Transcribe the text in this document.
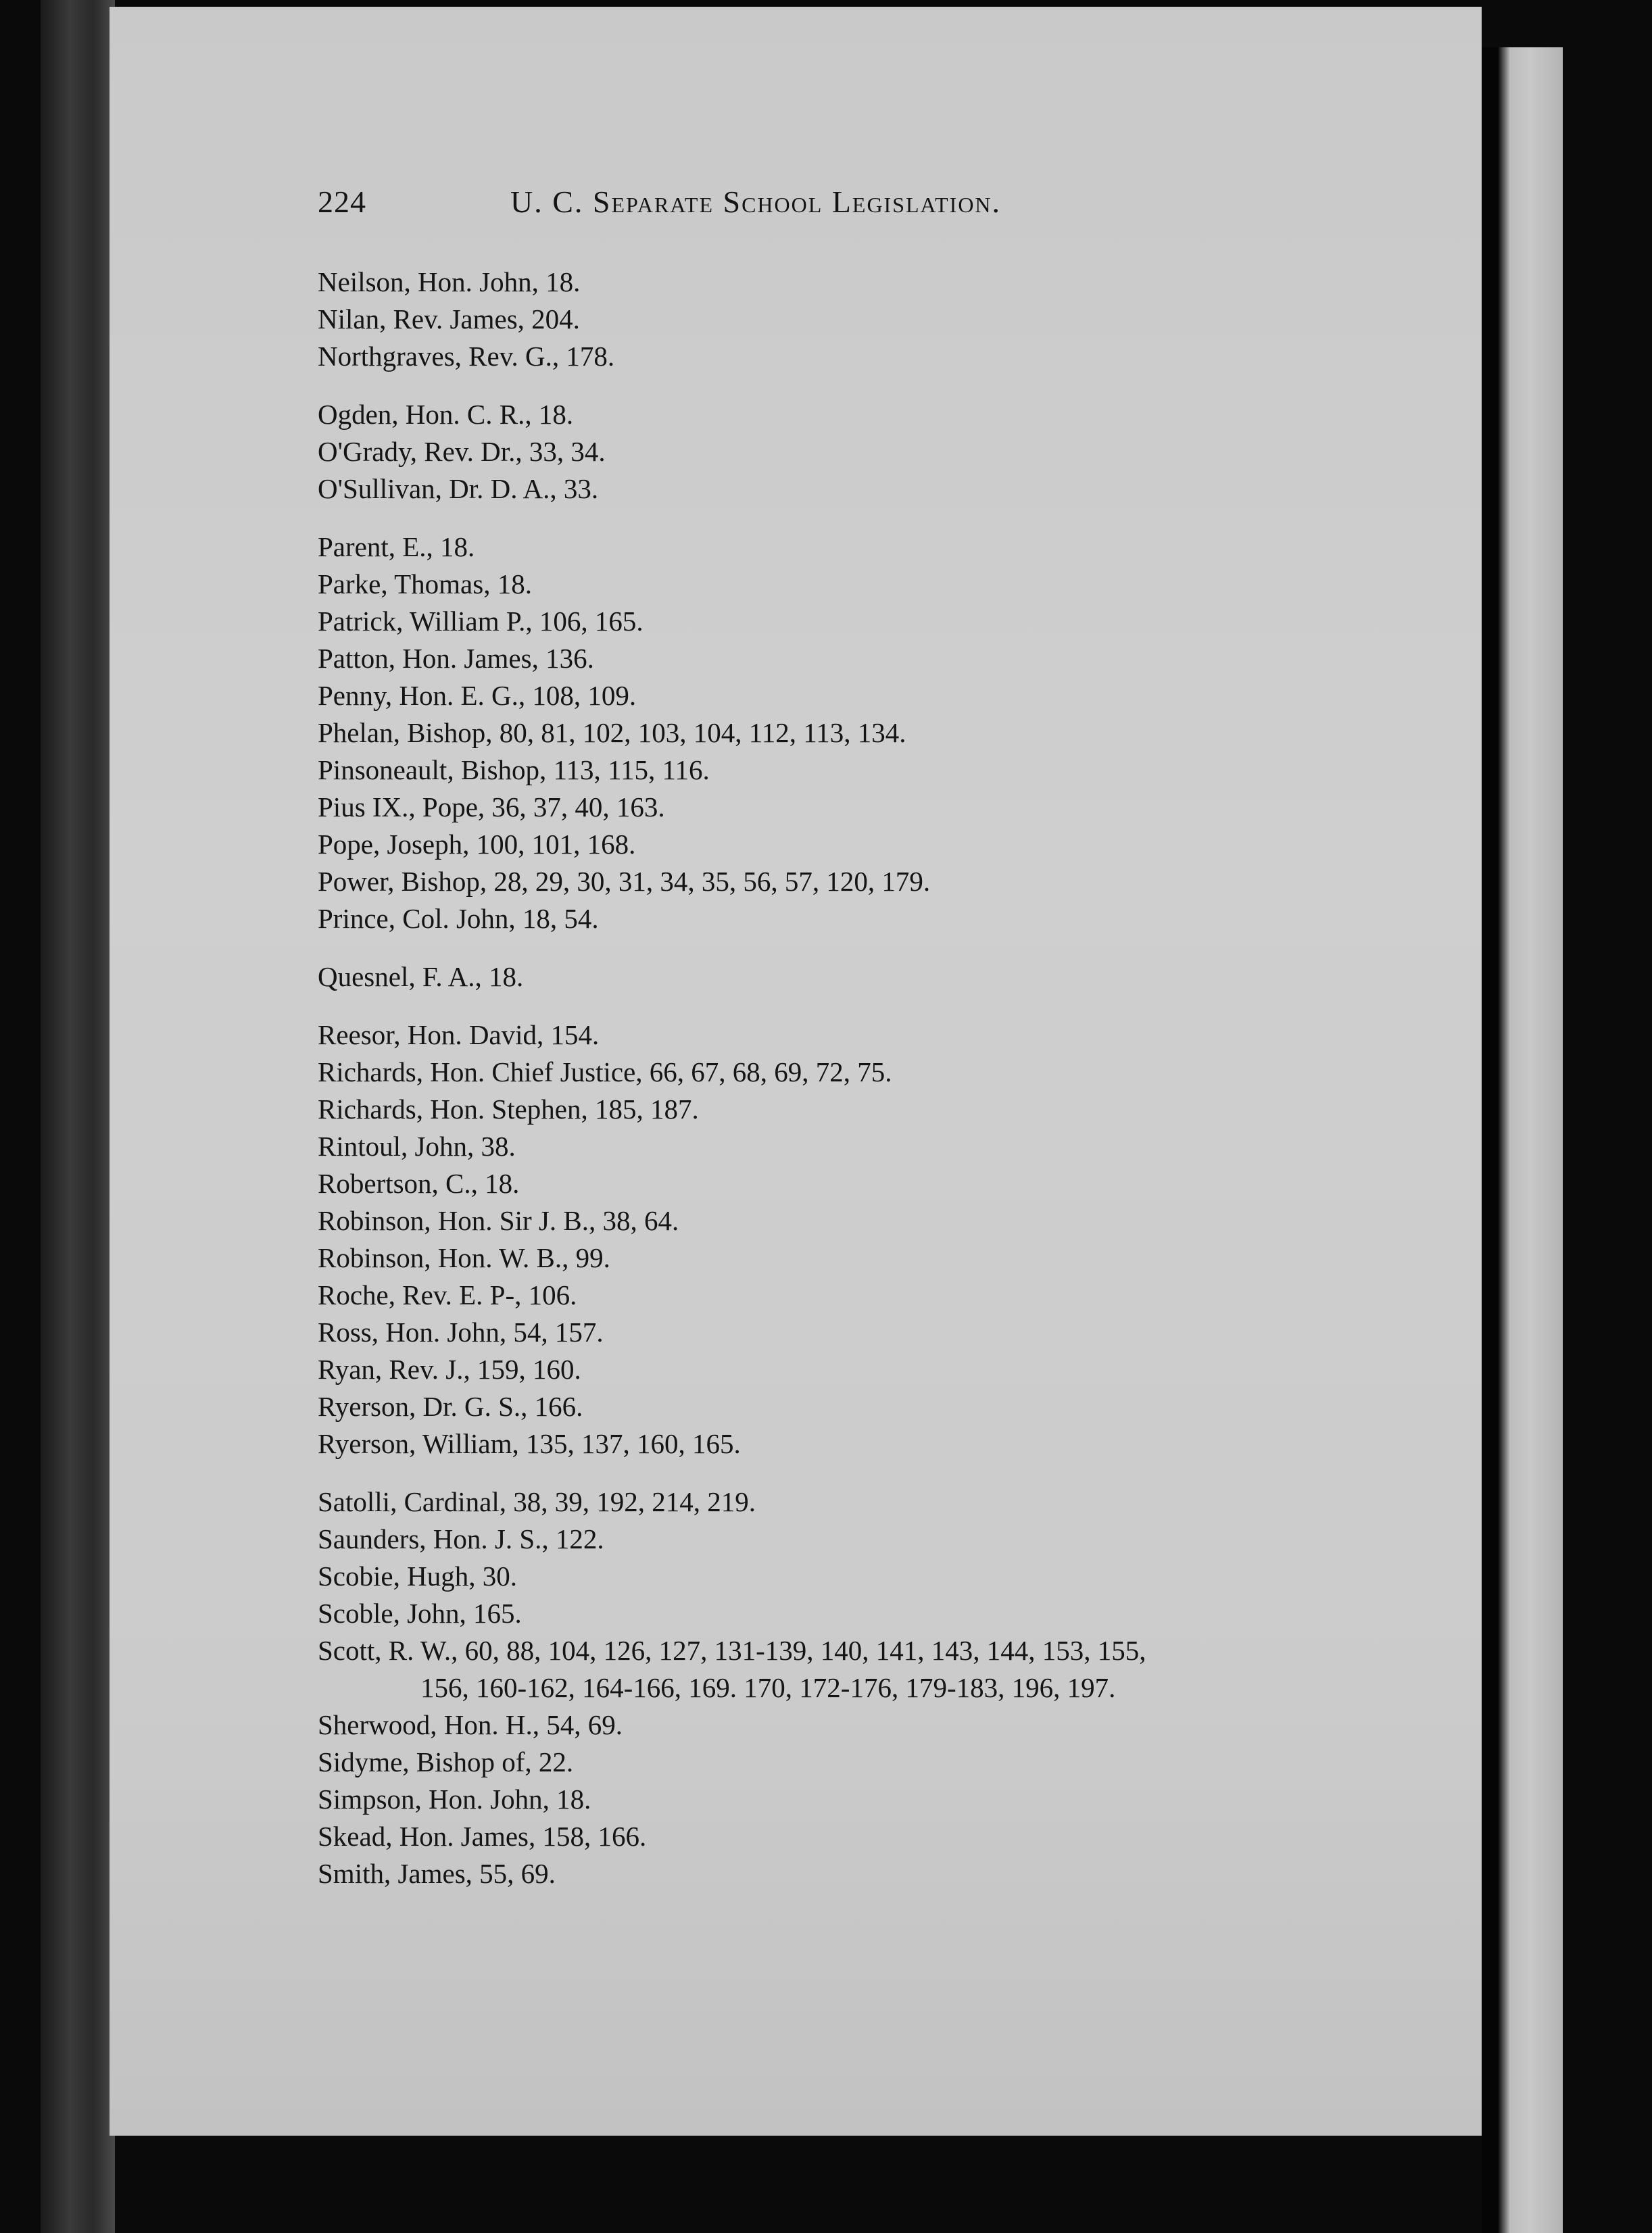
224	U. C. Separate School Legislation.
Neilson, Hon. John, 18.
Nilan, Rev. James, 204.
Northgraves, Rev. G., 178.
Ogden, Hon. C. R., 18.
O'Grady, Rev. Dr., 33, 34.
O'Sullivan, Dr. D. A., 33.
Parent, E., 18.
Parke, Thomas, 18.
Patrick, William P., 106, 165.
Patton, Hon. James, 136.
Penny, Hon. E. G., 108, 109.
Phelan, Bishop, 80, 81, 102, 103, 104, 112, 113, 134.
Pinsoneault, Bishop, 113, 115, 116.
Pius IX., Pope, 36, 37, 40, 163.
Pope, Joseph, 100, 101, 168.
Power, Bishop, 28, 29, 30, 31, 34, 35, 56, 57, 120, 179.
Prince, Col. John, 18, 54.
Quesnel, F. A., 18.
Reesor, Hon. David, 154.
Richards, Hon. Chief Justice, 66, 67, 68, 69, 72, 75.
Richards, Hon. Stephen, 185, 187.
Rintoul, John, 38.
Robertson, C., 18.
Robinson, Hon. Sir J. B., 38, 64.
Robinson, Hon. W. B., 99.
Roche, Rev. E. P-, 106.
Ross, Hon. John, 54, 157.
Ryan, Rev. J., 159, 160.
Ryerson, Dr. G. S., 166.
Ryerson, William, 135, 137, 160, 165.
Satolli, Cardinal, 38, 39, 192, 214, 219.
Saunders, Hon. J. S., 122.
Scobie, Hugh, 30.
Scoble, John, 165.
Scott, R. W., 60, 88, 104, 126, 127, 131-139, 140, 141, 143, 144, 153, 155,
156, 160-162, 164-166, 169. 170, 172-176, 179-183, 196, 197.
Sherwood, Hon. H., 54, 69.
Sidyme, Bishop of, 22.
Simpson, Hon. John, 18.
Skead, Hon. James, 158, 166.
Smith, James, 55, 69.
